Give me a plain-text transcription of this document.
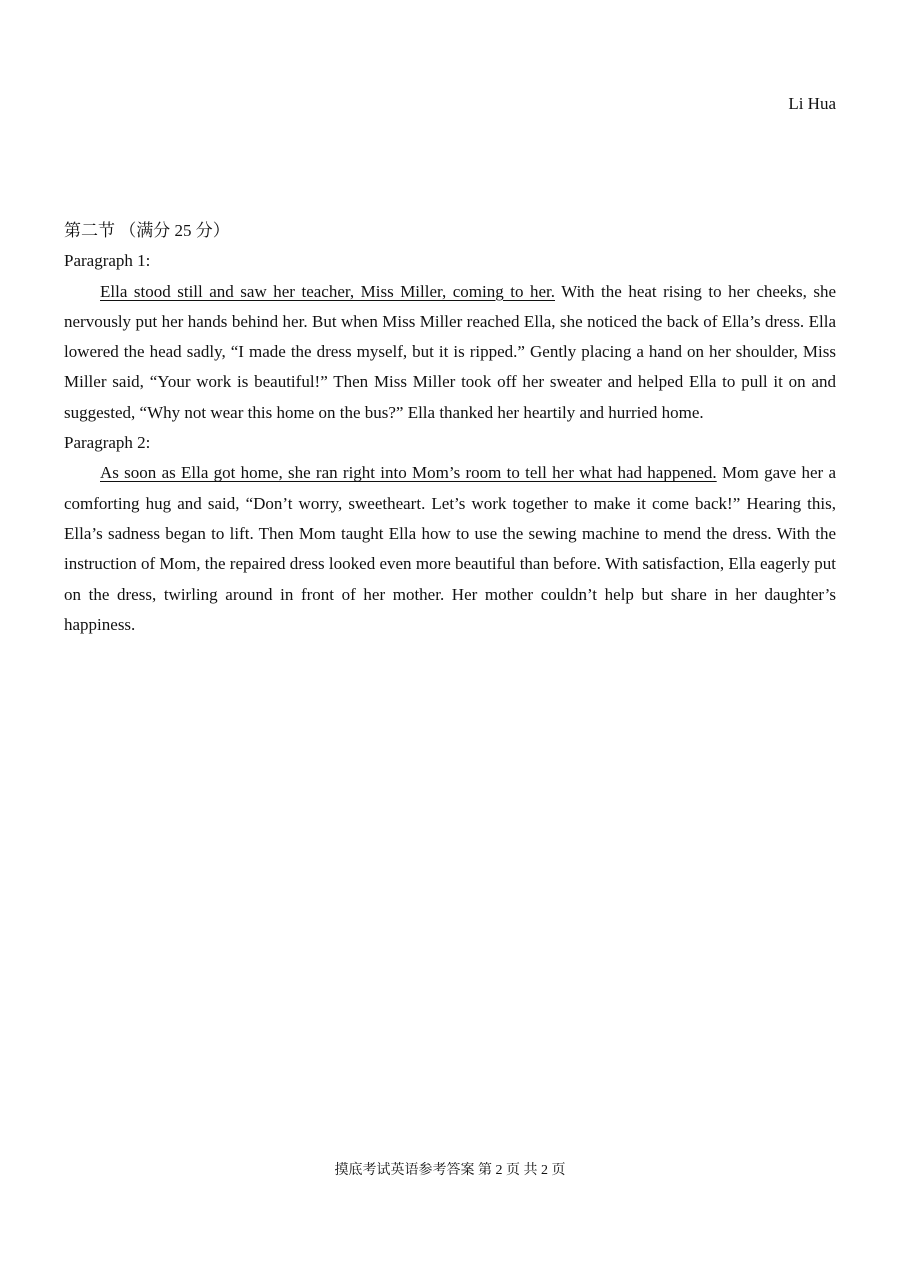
Li Hua

第二节 （满分 25 分）

Paragraph 1:

Ella stood still and saw her teacher, Miss Miller, coming to her. With the heat rising to her cheeks, she nervously put her hands behind her. But when Miss Miller reached Ella, she noticed the back of Ella’s dress. Ella lowered the head sadly, “I made the dress myself, but it is ripped.” Gently placing a hand on her shoulder, Miss Miller said, “Your work is beautiful!” Then Miss Miller took off her sweater and helped Ella to pull it on and suggested, “Why not wear this home on the bus?” Ella thanked her heartily and hurried home.

Paragraph 2:

As soon as Ella got home, she ran right into Mom’s room to tell her what had happened. Mom gave her a comforting hug and said, “Don’t worry, sweetheart. Let’s work together to make it come back!” Hearing this, Ella’s sadness began to lift. Then Mom taught Ella how to use the sewing machine to mend the dress. With the instruction of Mom, the repaired dress looked even more beautiful than before. With satisfaction, Ella eagerly put on the dress, twirling around in front of her mother. Her mother couldn’t help but share in her daughter’s happiness.

摸底考试英语参考答案 第 2 页 共 2 页
